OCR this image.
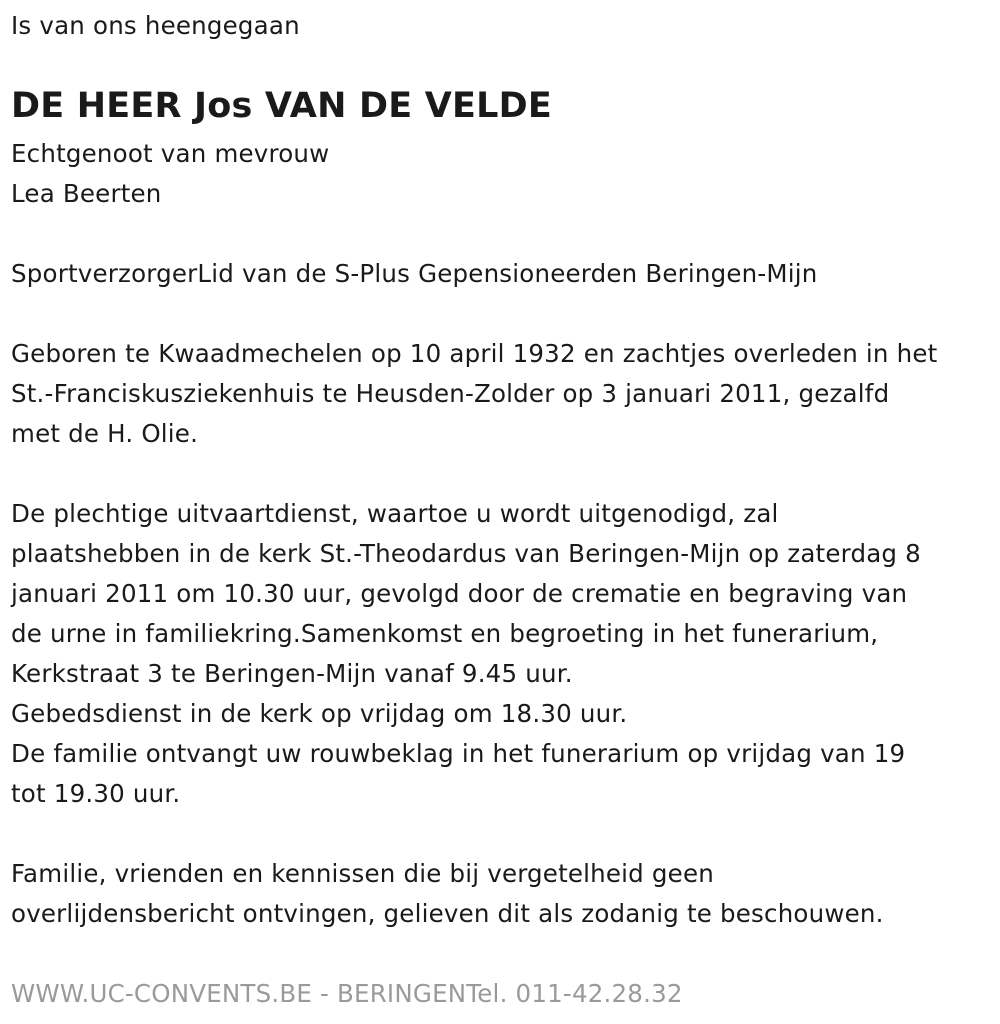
Is van ons heengegaan

DE HEER Jos VAN DE VELDE

Echtgenoot van mevrouw

Lea Beerten

SportverzorgerLid van de S-Plus Gepensioneerden Beringen-Mijn

Geboren te Kwaadmechelen op 10 april 1932 en zachtjes overleden in het

St.-Franciskusziekenhuis te Heusden-Zolder op 3 januari 2011, gezalfd

met de H. Olie.

De plechtige uitvaartdienst, waartoe u wordt uitgenodigd, zal

plaatshebben in de kerk St.-Theodardus van Beringen-Mijn op zaterdag 8

januari 2011 om 10.30 uur, gevolgd door de crematie en begraving van

de urne in familiekring.Samenkomst en begroeting in het funerarium,

Kerkstraat 3 te Beringen-Mijn vanaf 9.45 uur.

Gebedsdienst in de kerk op vrijdag om 18.30 uur.

De familie ontvangt uw rouwbeklag in het funerarium op vrijdag van 19

tot 19.30 uur.

Familie, vrienden en kennissen die bij vergetelheid geen

overlijdensbericht ontvingen, gelieven dit als zodanig te beschouwen.

WWW.UC-CONVENTS.BE - BERINGENTel. 011-42.28.32
